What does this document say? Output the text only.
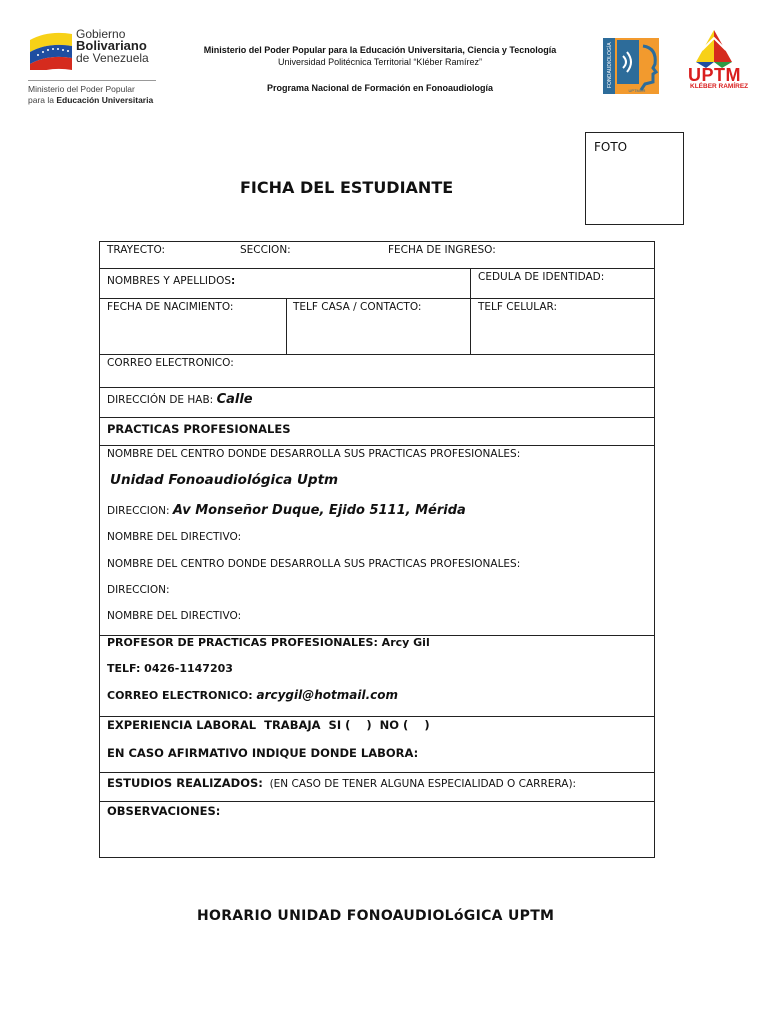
Gobierno
Bolivariano
de Venezuela
Ministerio del Poder Popular
para la Educación Universitaria
Ministerio del Poder Popular para la Educación Universitaria, Ciencia y Tecnología
Universidad Politécnica Territorial “Kléber Ramírez”
Programa Nacional de Formación en Fonoaudiología	FONOAUDIOLOGÍA
UPTMKR
UPTM
KLÉBER RAMÍREZ
FICHA DEL ESTUDIANTE
FOTO
TRAYECTO:	SECCION:	FECHA DE INGRESO:
NOMBRES Y APELLIDOS:	CEDULA DE IDENTIDAD:
FECHA DE NACIMIENTO:	TELF CASA / CONTACTO:	TELF CELULAR:
CORREO ELECTRONICO:
DIRECCIÓN DE HAB: Calle
PRACTICAS PROFESIONALES
NOMBRE DEL CENTRO DONDE DESARROLLA SUS PRACTICAS PROFESIONALES:
Unidad Fonoaudiológica Uptm
DIRECCION: Av Monseñor Duque, Ejido 5111, Mérida
NOMBRE DEL DIRECTIVO:
NOMBRE DEL CENTRO DONDE DESARROLLA SUS PRACTICAS PROFESIONALES:
DIRECCION:
NOMBRE DEL DIRECTIVO:
PROFESOR DE PRACTICAS PROFESIONALES: Arcy Gil
TELF: 0426-1147203
CORREO ELECTRONICO: arcygil@hotmail.com
EXPERIENCIA LABORAL  TRABAJA  SI (    )  NO (    )
EN CASO AFIRMATIVO INDIQUE DONDE LABORA:
ESTUDIOS REALIZADOS: (EN CASO DE TENER ALGUNA ESPECIALIDAD O CARRERA):
OBSERVACIONES:
HORARIO UNIDAD FONOAUDIOLóGICA UPTM
